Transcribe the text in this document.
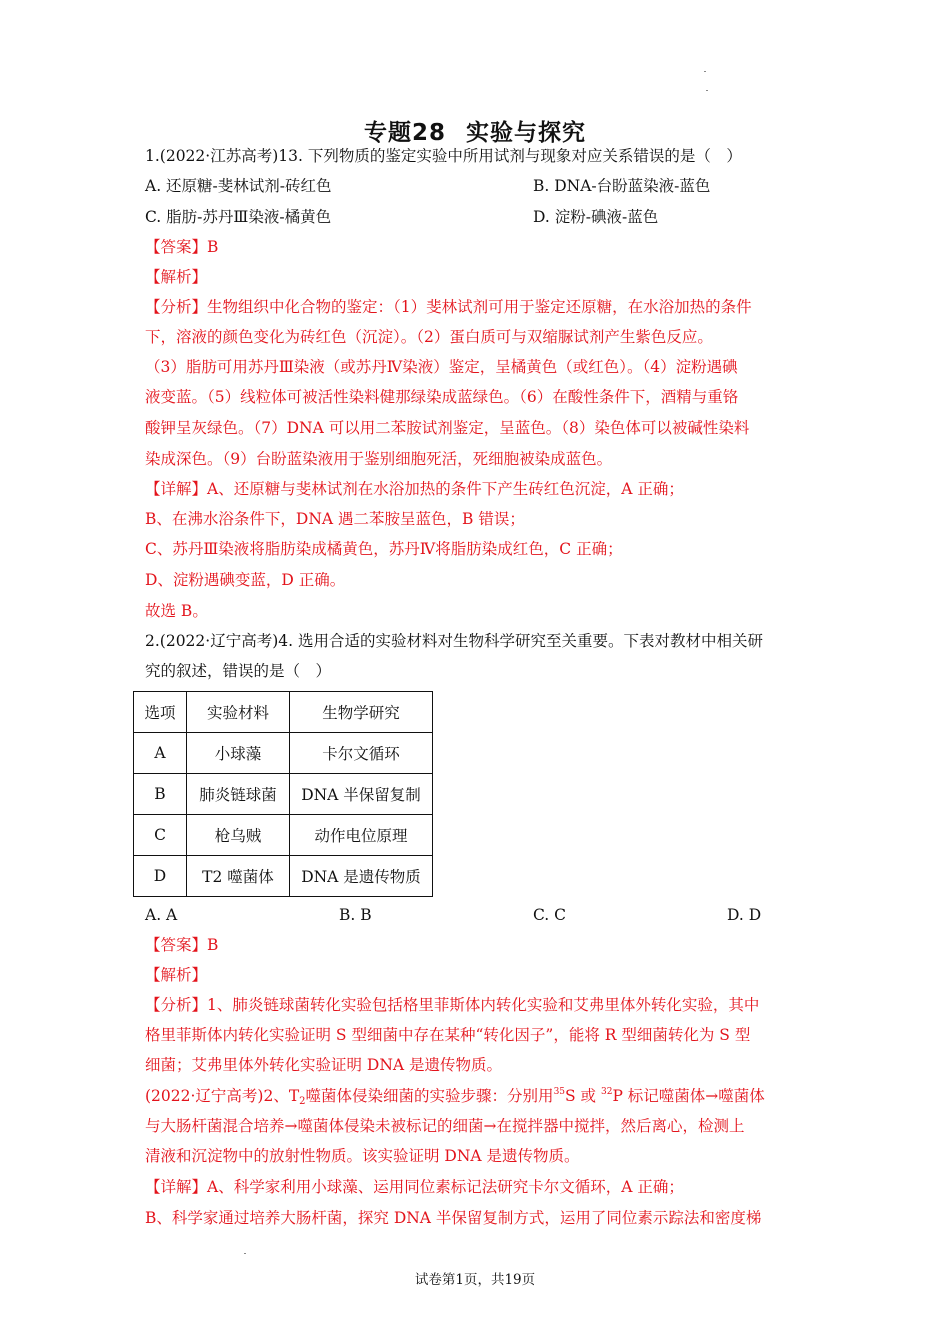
专题28 实验与探究
1.(2022·江苏高考)13. 下列物质的鉴定实验中所用试剂与现象对应关系错误的是（　）
A. 还原糖-斐林试剂-砖红色	B. DNA-台盼蓝染液-蓝色
C. 脂肪-苏丹Ⅲ染液-橘黄色	D. 淀粉-碘液-蓝色
【答案】B
【解析】
【分析】生物组织中化合物的鉴定：（1）斐林试剂可用于鉴定还原糖，在水浴加热的条件
下，溶液的颜色变化为砖红色（沉淀）。（2）蛋白质可与双缩脲试剂产生紫色反应。
（3）脂肪可用苏丹Ⅲ染液（或苏丹Ⅳ染液）鉴定，呈橘黄色（或红色）。（4）淀粉遇碘
液变蓝。（5）线粒体可被活性染料健那绿染成蓝绿色。（6）在酸性条件下，酒精与重铬
酸钾呈灰绿色。（7）DNA 可以用二苯胺试剂鉴定，呈蓝色。（8）染色体可以被碱性染料
染成深色。（9）台盼蓝染液用于鉴别细胞死活，死细胞被染成蓝色。
【详解】A、还原糖与斐林试剂在水浴加热的条件下产生砖红色沉淀，A 正确；
B、在沸水浴条件下，DNA 遇二苯胺呈蓝色，B 错误；
C、苏丹Ⅲ染液将脂肪染成橘黄色，苏丹Ⅳ将脂肪染成红色，C 正确；
D、淀粉遇碘变蓝，D 正确。
故选 B。
2.(2022·辽宁高考)4. 选用合适的实验材料对生物科学研究至关重要。下表对教材中相关研
究的叙述，错误的是（　）
选项	实验材料	生物学研究
A	小球藻	卡尔文循环
B	肺炎链球菌	DNA 半保留复制
C	枪乌贼	动作电位原理
D	T2 噬菌体	DNA 是遗传物质
A. A	B. B	C. C	D. D
【答案】B
【解析】
【分析】1、肺炎链球菌转化实验包括格里菲斯体内转化实验和艾弗里体外转化实验，其中
格里菲斯体内转化实验证明 S 型细菌中存在某种“转化因子”，能将 R 型细菌转化为 S 型
细菌；艾弗里体外转化实验证明 DNA 是遗传物质。
(2022·辽宁高考)2、$T_2$噬菌体侵染细菌的实验步骤：分别用$^{35}$S 或 $^{32}$P 标记噬菌体→噬菌体
与大肠杆菌混合培养→噬菌体侵染未被标记的细菌→在搅拌器中搅拌，然后离心，检测上
清液和沉淀物中的放射性物质。该实验证明 DNA 是遗传物质。
【详解】A、科学家利用小球藻、运用同位素标记法研究卡尔文循环，A 正确；
B、科学家通过培养大肠杆菌，探究 DNA 半保留复制方式，运用了同位素示踪法和密度梯
试卷第1页，共19页
